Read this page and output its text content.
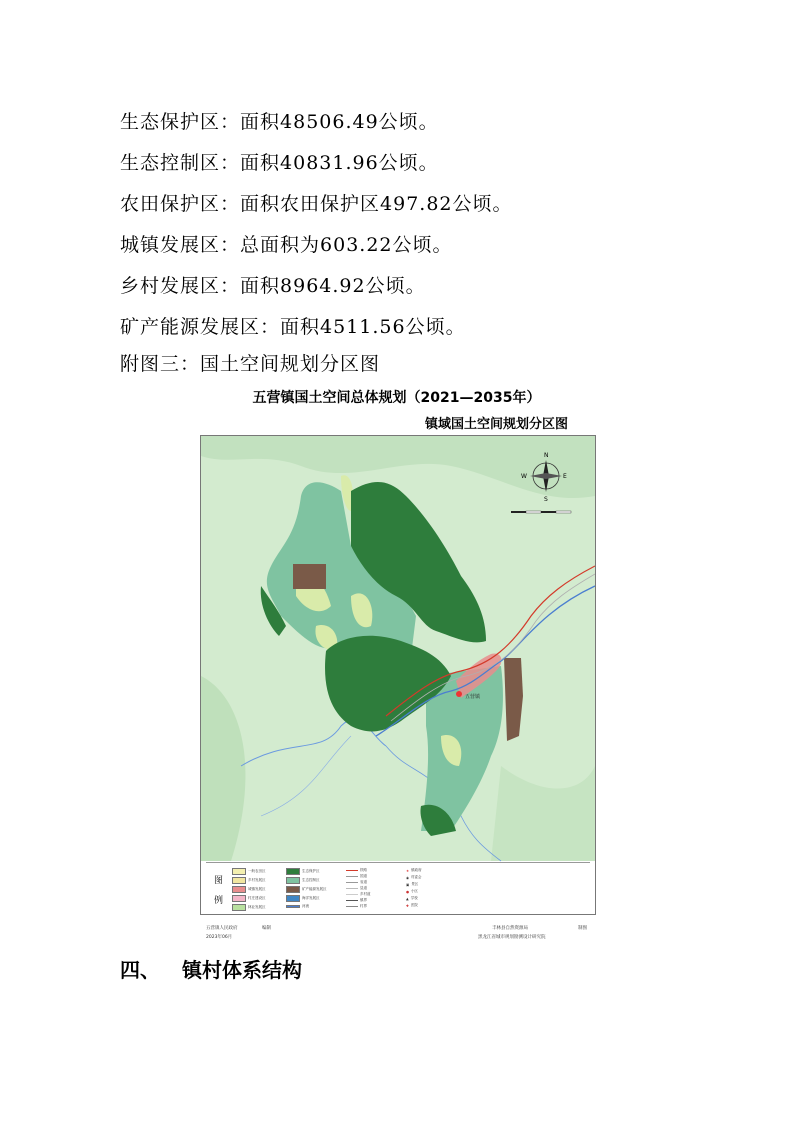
生态保护区：面积48506.49公顷。
生态控制区：面积40831.96公顷。
农田保护区：面积农田保护区497.82公顷。
城镇发展区：总面积为603.22公顷。
乡村发展区：面积8964.92公顷。
矿产能源发展区：面积4511.56公顷。
附图三：国土空间规划分区图
五营镇国土空间总体规划（2021—2035年）
镇域国土空间规划分区图
五营镇
N
S
E
W
图
例
一般农田区
乡村发展区
城镇发展区
村庄建设区
林业发展区
生态保护区
生态控制区
矿产能源发展区
海洋发展区
河流
铁路
国道
省道
县道
乡村道
镇界
村界
★ 镇政府
◉ 村委会
▣ 景区
● 小区
▲ 学校
✚ 医院
五营镇人民政府
2023年06月
编制	丰林县自然资源局
黑龙江省城市规划勘测设计研究院
制图
四、 镇村体系结构
